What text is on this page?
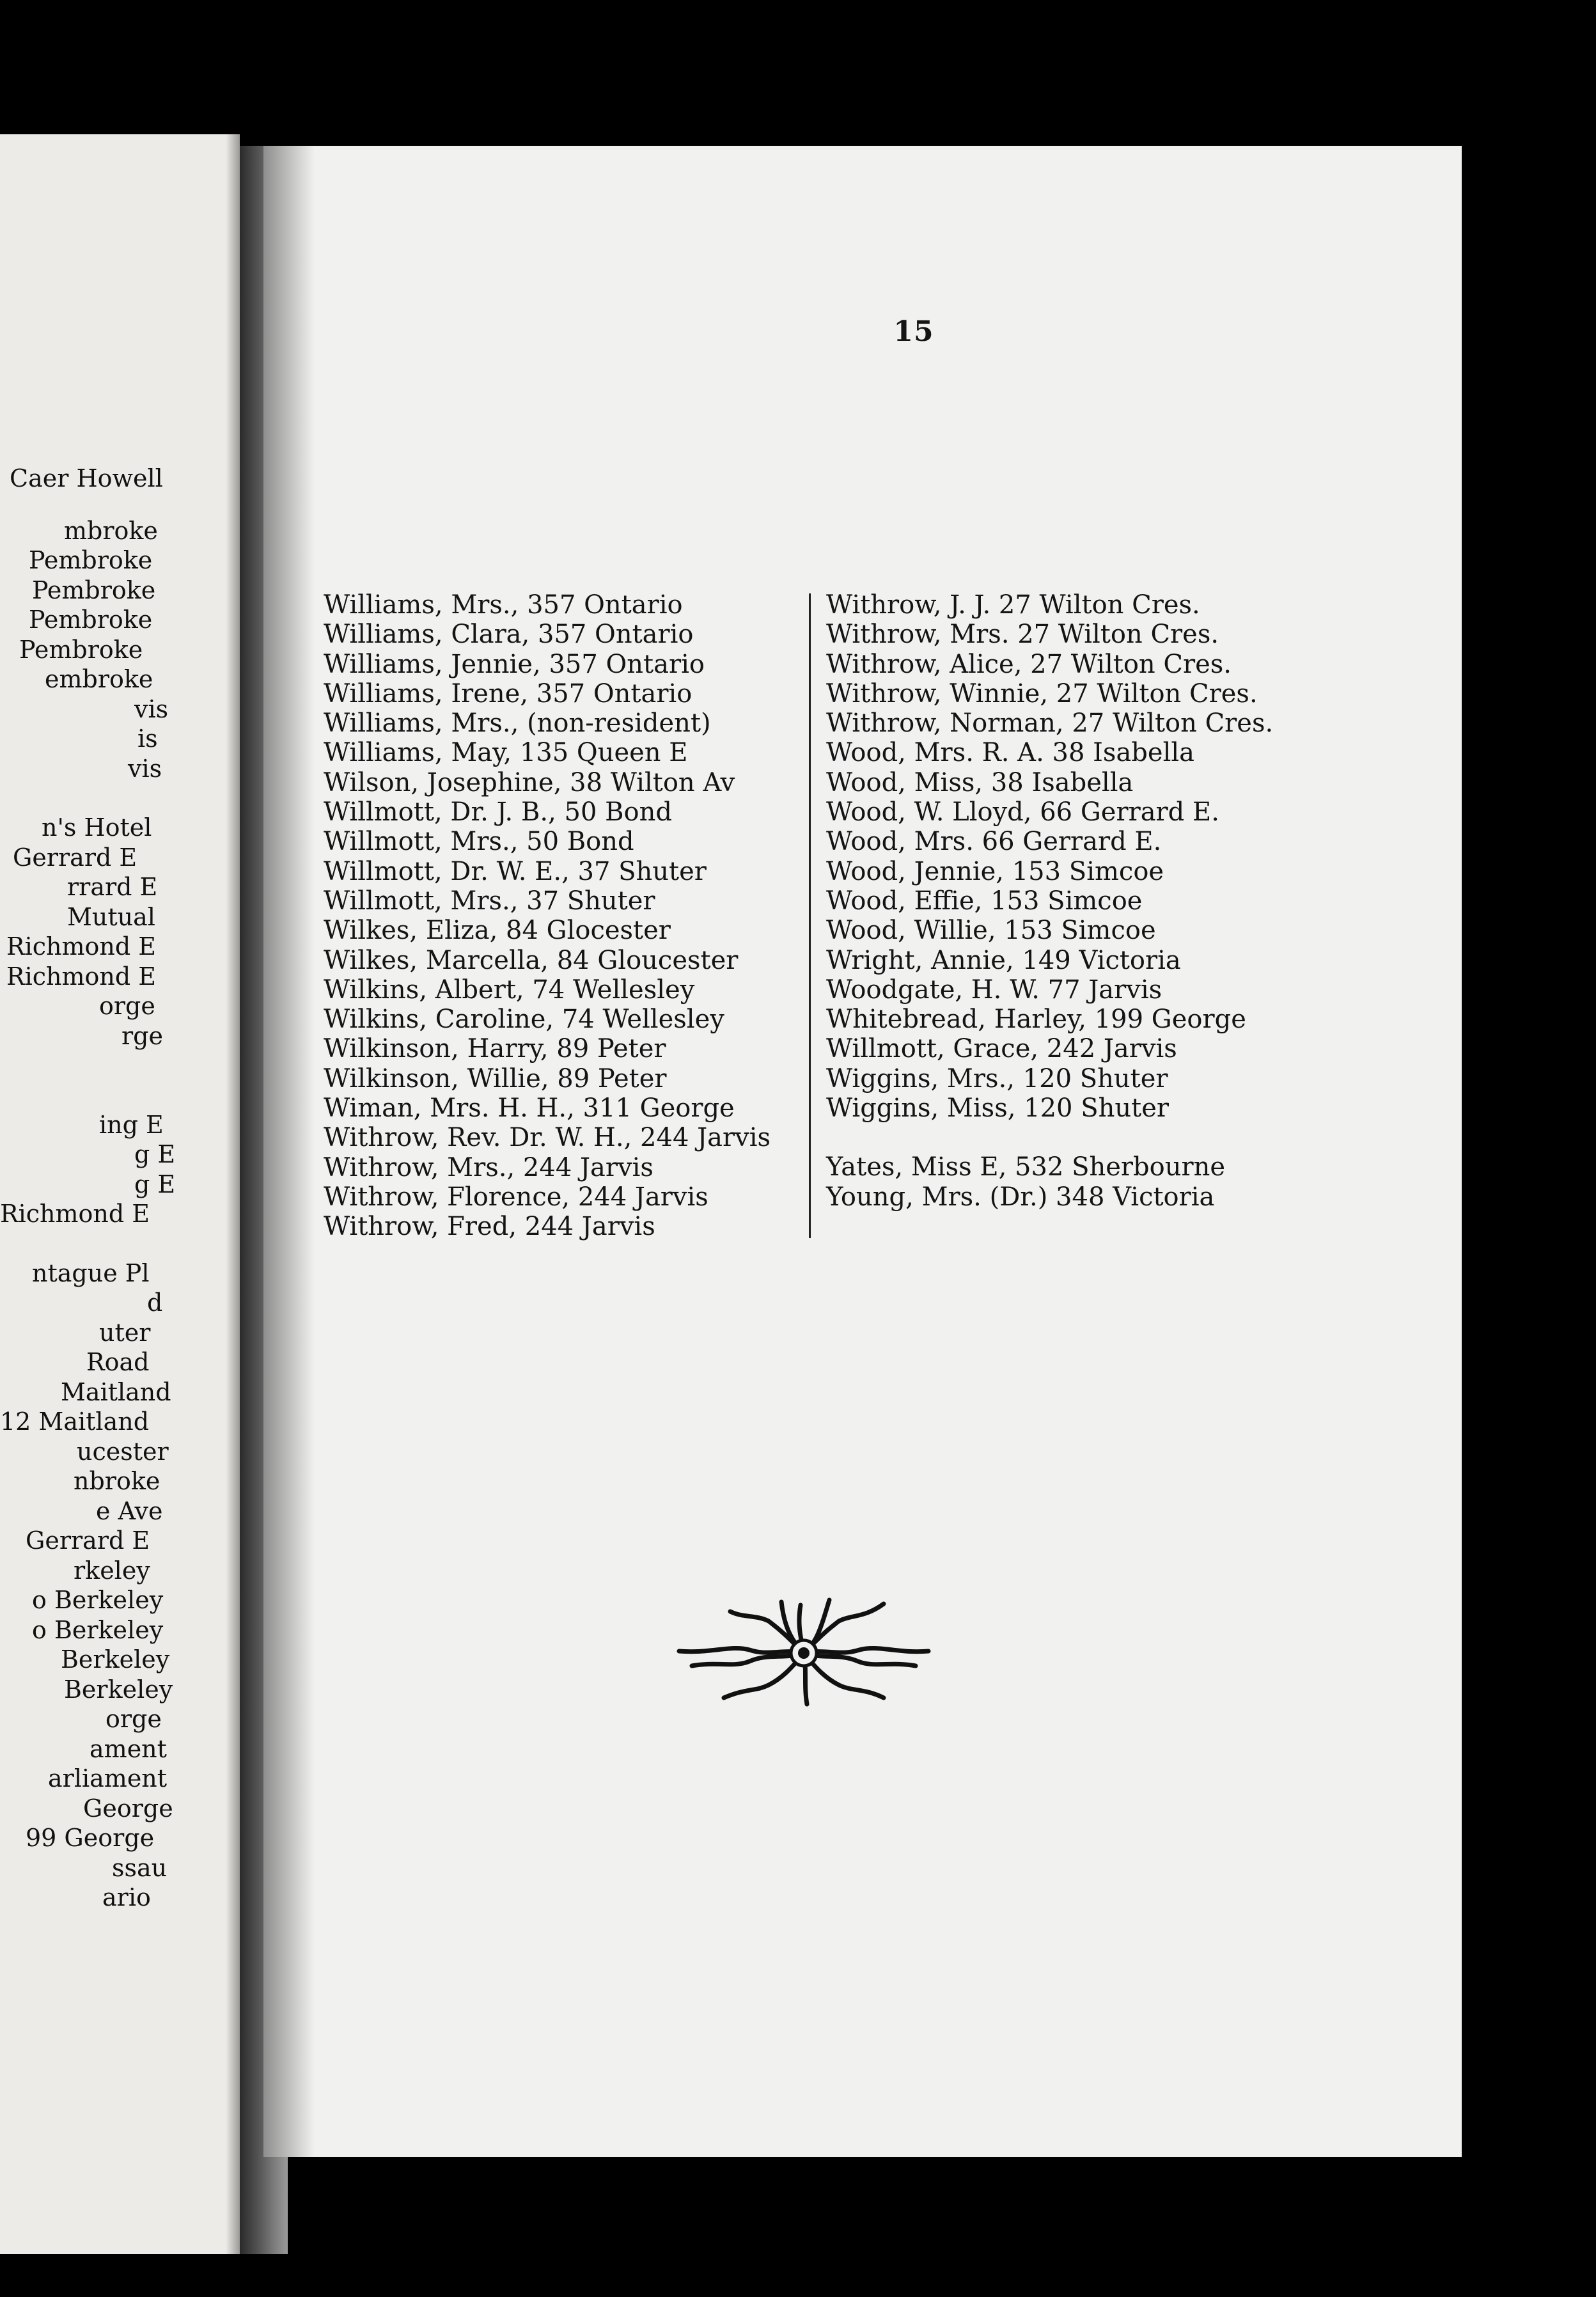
Caer Howell
mbroke
Pembroke
Pembroke
Pembroke
Pembroke
embroke
vis
is
vis
n's Hotel
Gerrard E
rrard E
Mutual
Richmond E
Richmond E
orge
rge
ing E
g E
g E
Richmond E
ntague Pl
d
uter
Road
Maitland
12 Maitland
ucester
nbroke
e Ave
Gerrard E
rkeley
o Berkeley
o Berkeley
Berkeley
Berkeley
orge
ament
arliament
George
99 George
ssau
ario
15
Williams, Mrs., 357 Ontario
Williams, Clara, 357 Ontario
Williams, Jennie, 357 Ontario
Williams, Irene, 357 Ontario
Williams, Mrs., (non-resident)
Williams, May, 135 Queen E
Wilson, Josephine, 38 Wilton Av
Willmott, Dr. J. B., 50 Bond
Willmott, Mrs., 50 Bond
Willmott, Dr. W. E., 37 Shuter
Willmott, Mrs., 37 Shuter
Wilkes, Eliza, 84 Glocester
Wilkes, Marcella, 84 Gloucester
Wilkins, Albert, 74 Wellesley
Wilkins, Caroline, 74 Wellesley
Wilkinson, Harry, 89 Peter
Wilkinson, Willie, 89 Peter
Wiman, Mrs. H. H., 311 George
Withrow, Rev. Dr. W. H., 244 Jarvis
Withrow, Mrs., 244 Jarvis
Withrow, Florence, 244 Jarvis
Withrow, Fred, 244 Jarvis
Withrow, J. J. 27 Wilton Cres.
Withrow, Mrs. 27 Wilton Cres.
Withrow, Alice, 27 Wilton Cres.
Withrow, Winnie, 27 Wilton Cres.
Withrow, Norman, 27 Wilton Cres.
Wood, Mrs. R. A. 38 Isabella
Wood, Miss, 38 Isabella
Wood, W. Lloyd, 66 Gerrard E.
Wood, Mrs. 66 Gerrard E.
Wood, Jennie, 153 Simcoe
Wood, Effie, 153 Simcoe
Wood, Willie, 153 Simcoe
Wright, Annie, 149 Victoria
Woodgate, H. W. 77 Jarvis
Whitebread, Harley, 199 George
Willmott, Grace, 242 Jarvis
Wiggins, Mrs., 120 Shuter
Wiggins, Miss, 120 Shuter
Yates, Miss E, 532 Sherbourne
Young, Mrs. (Dr.) 348 Victoria
